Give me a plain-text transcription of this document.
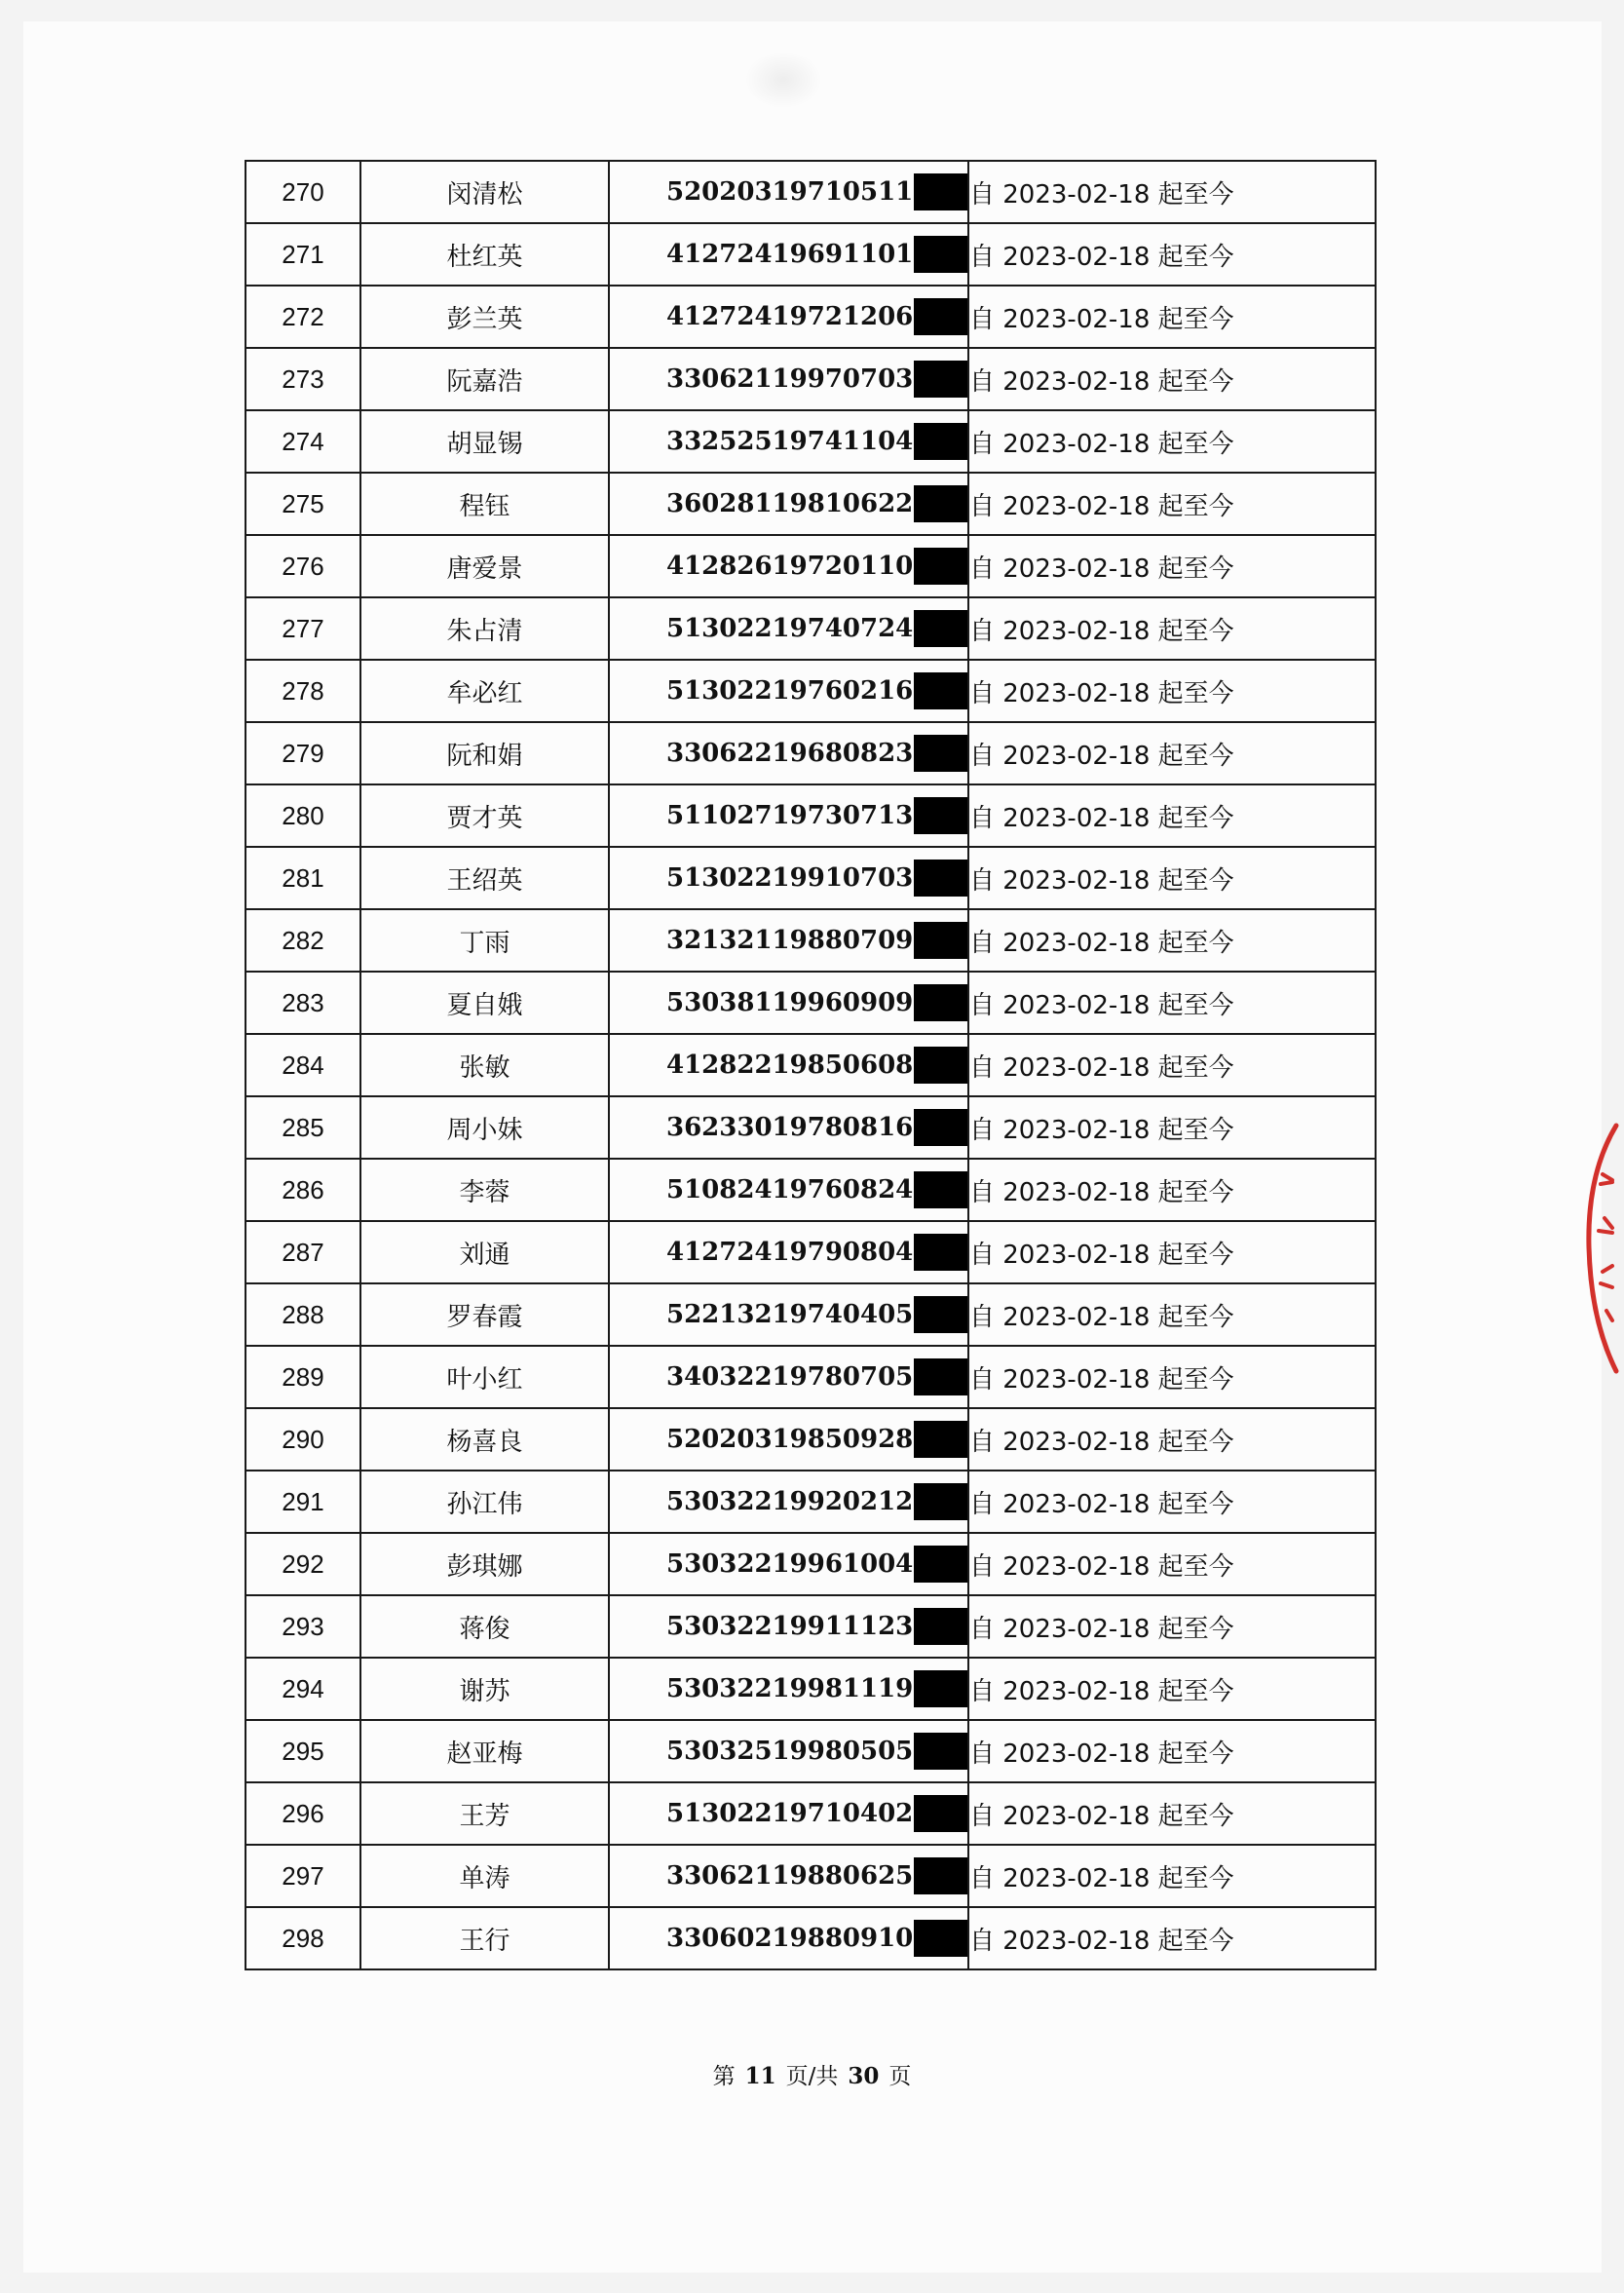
270	闵清松	52020319710511	自 2023-02-18 起至今
271	杜红英	41272419691101	自 2023-02-18 起至今
272	彭兰英	41272419721206	自 2023-02-18 起至今
273	阮嘉浩	33062119970703	自 2023-02-18 起至今
274	胡显锡	33252519741104	自 2023-02-18 起至今
275	程钰	36028119810622	自 2023-02-18 起至今
276	唐爱景	41282619720110	自 2023-02-18 起至今
277	朱占清	51302219740724	自 2023-02-18 起至今
278	牟必红	51302219760216	自 2023-02-18 起至今
279	阮和娟	33062219680823	自 2023-02-18 起至今
280	贾才英	51102719730713	自 2023-02-18 起至今
281	王绍英	51302219910703	自 2023-02-18 起至今
282	丁雨	32132119880709	自 2023-02-18 起至今
283	夏自娥	53038119960909	自 2023-02-18 起至今
284	张敏	41282219850608	自 2023-02-18 起至今
285	周小妹	36233019780816	自 2023-02-18 起至今
286	李蓉	51082419760824	自 2023-02-18 起至今
287	刘通	41272419790804	自 2023-02-18 起至今
288	罗春霞	52213219740405	自 2023-02-18 起至今
289	叶小红	34032219780705	自 2023-02-18 起至今
290	杨喜良	52020319850928	自 2023-02-18 起至今
291	孙江伟	53032219920212	自 2023-02-18 起至今
292	彭琪娜	53032219961004	自 2023-02-18 起至今
293	蒋俊	53032219911123	自 2023-02-18 起至今
294	谢苏	53032219981119	自 2023-02-18 起至今
295	赵亚梅	53032519980505	自 2023-02-18 起至今
296	王芳	51302219710402	自 2023-02-18 起至今
297	单涛	33062119880625	自 2023-02-18 起至今
298	王行	33060219880910	自 2023-02-18 起至今
第 11 页/共 30 页
